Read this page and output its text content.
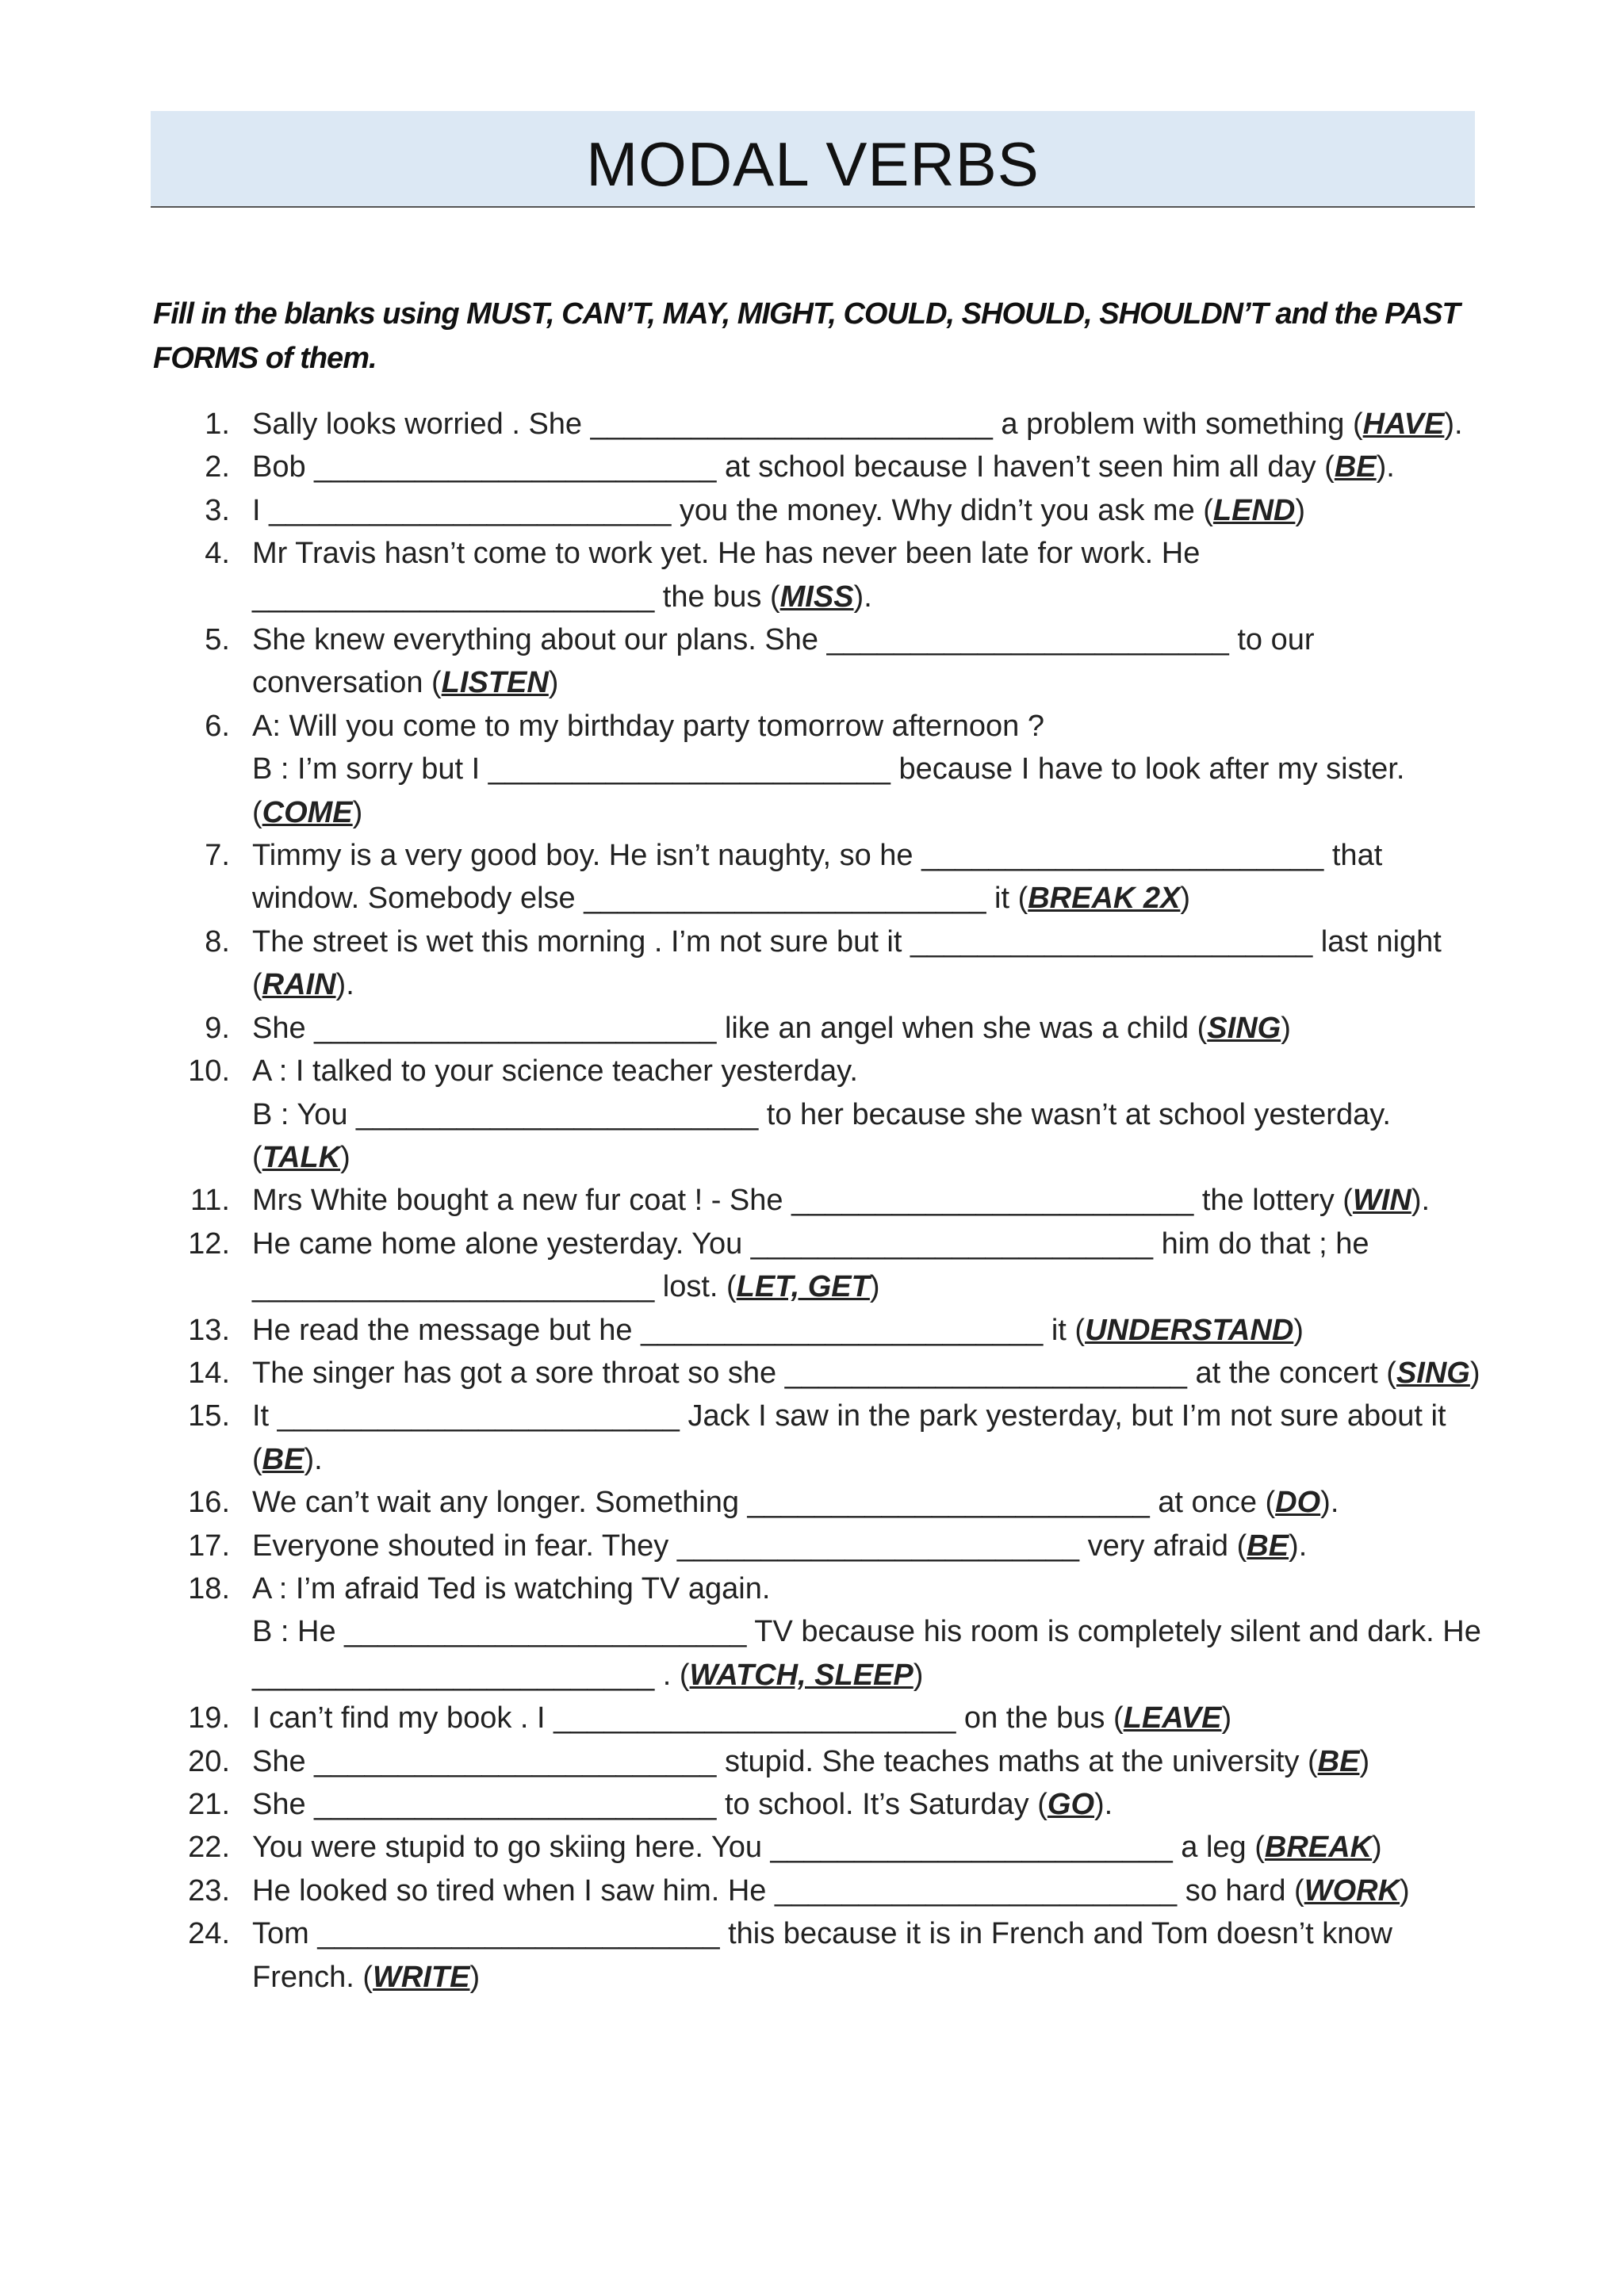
MODAL VERBS
Fill in the blanks using MUST, CAN’T, MAY, MIGHT, COULD, SHOULD, SHOULDN’T and the PAST FORMS of them.
1. Sally looks worried . She ________________________ a problem with something (HAVE).
2. Bob ________________________ at school because I haven’t seen him all day (BE).
3. I ________________________ you the money. Why didn’t you ask me (LEND)
4. Mr Travis hasn’t come to work yet. He has never been late for work. He
________________________ the bus (MISS).
5. She knew everything about our plans. She ________________________ to our
conversation (LISTEN)
6. A: Will you come to my birthday party tomorrow afternoon ?
B : I’m sorry but I ________________________ because I have to look after my sister.
(COME)
7. Timmy is a very good boy. He isn’t naughty, so he ________________________ that
window. Somebody else ________________________ it (BREAK 2X)
8. The street is wet this morning . I’m not sure but it ________________________ last night
(RAIN).
9. She ________________________ like an angel when she was a child (SING)
10. A : I talked to your science teacher yesterday.
B : You ________________________ to her because she wasn’t at school yesterday.
(TALK)
11. Mrs White bought a new fur coat ! - She ________________________ the lottery (WIN).
12. He came home alone yesterday. You ________________________ him do that ; he
________________________ lost. (LET, GET)
13. He read the message but he ________________________ it (UNDERSTAND)
14. The singer has got a sore throat so she ________________________ at the concert (SING)
15. It ________________________ Jack I saw in the park yesterday, but I’m not sure about it
(BE).
16. We can’t wait any longer. Something ________________________ at once (DO).
17. Everyone shouted in fear. They ________________________ very afraid (BE).
18. A : I’m afraid Ted is watching TV again.
B : He ________________________ TV because his room is completely silent and dark. He
________________________ . (WATCH, SLEEP)
19. I can’t find my book . I ________________________ on the bus (LEAVE)
20. She ________________________ stupid. She teaches maths at the university (BE)
21. She ________________________ to school. It’s Saturday (GO).
22. You were stupid to go skiing here. You ________________________ a leg (BREAK)
23. He looked so tired when I saw him. He ________________________ so hard (WORK)
24. Tom ________________________ this because it is in French and Tom doesn’t know
French. (WRITE)
